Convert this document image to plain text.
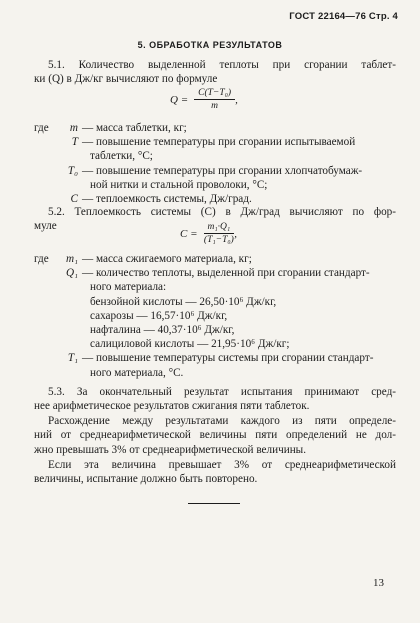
ГОСТ 22164—76 Стр. 4
5. ОБРАБОТКА РЕЗУЛЬТАТОВ
5.1. Количество выделенной теплоты при сгорании таблет-
ки (Q) в Дж/кг вычисляют по формуле
$Q = \frac{\text{C(T−T₀)}}{m}$ ,
где	m — масса таблетки, кг;
T — повышение температуры при сгорании испытываемой
таблетки, °С;
T₀ — повышение температуры при сгорании хлопчатобумаж-
ной нитки и стальной проволоки, °С;
C — теплоемкость системы, Дж/град.
5.2. Теплоемкость системы (C) в Дж/град вычисляют по фор-
муле
$C = \frac{\text{m₁·Q₁}}{\text{(T₁−T₀)}}$ ,
где	m₁ — масса сжигаемого материала, кг;
Q₁ — количество теплоты, выделенной при сгорании стандарт-
ного материала:
бензойной кислоты — 26,50·10⁶ Дж/кг,
сахарозы — 16,57·10⁶ Дж/кг,
нафталина — 40,37·10⁶ Дж/кг,
салициловой кислоты — 21,95·10⁶ Дж/кг;
T₁ — повышение температуры системы при сгорании стандарт-
ного материала, °С.
5.3. За окончательный результат испытания принимают сред-
нее арифметическое результатов сжигания пяти таблеток.
Расхождение между результатами каждого из пяти определе-
ний от среднеарифметической величины пяти определений не дол-
жно превышать 3% от среднеарифметической величины.
Если эта величина превышает 3% от среднеарифметической
величины, испытание должно быть повторено.
13
